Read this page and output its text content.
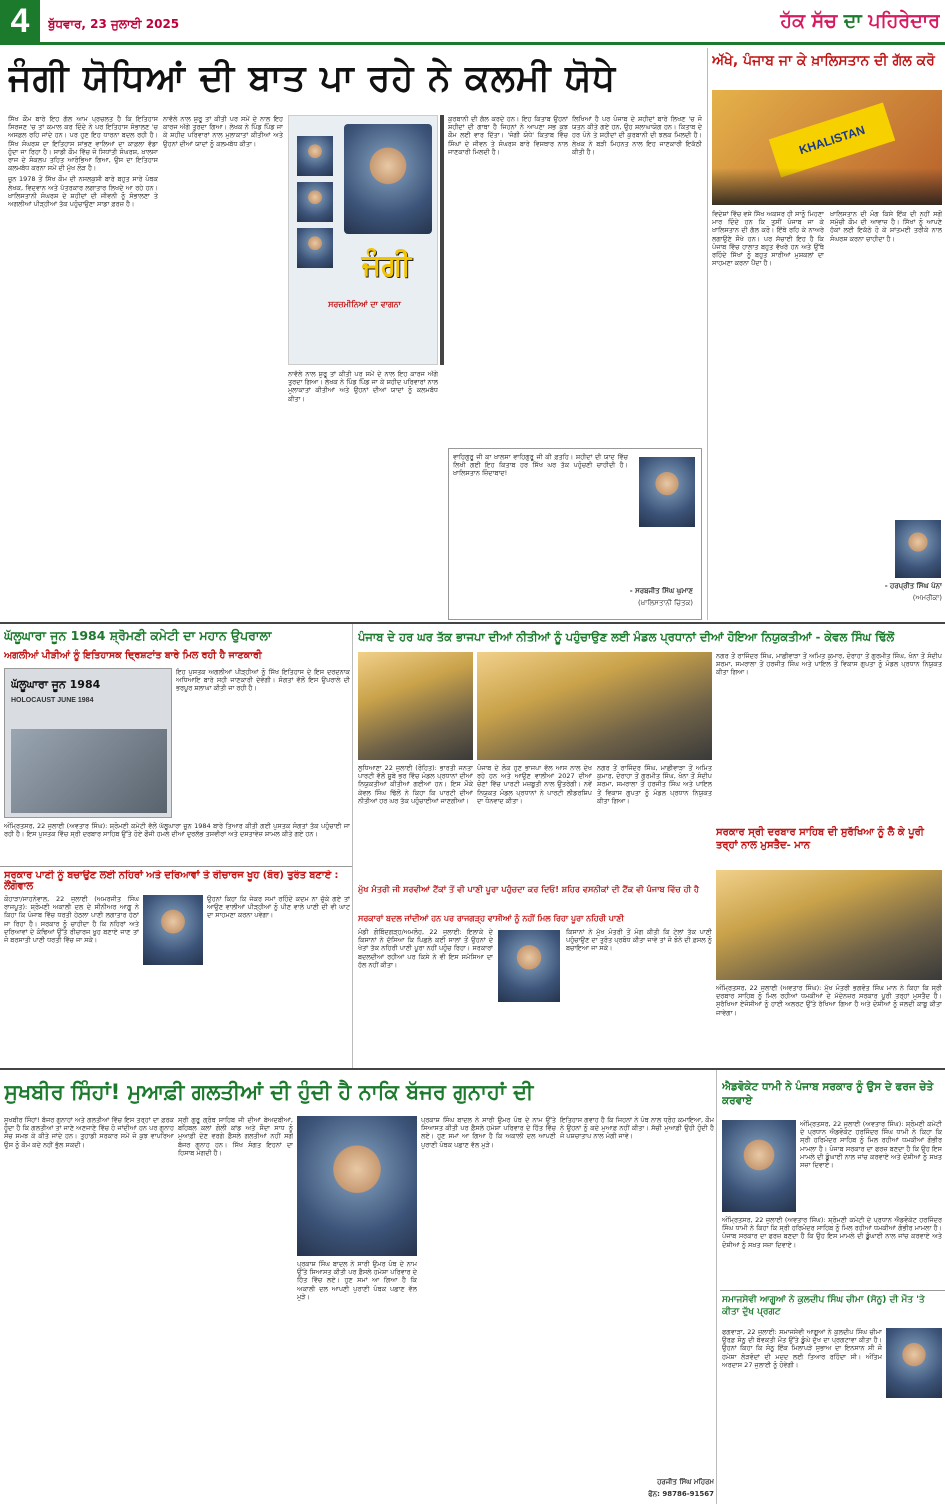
4	ਬੁੱਧਵਾਰ, 23 ਜੁਲਾਈ 2025	ਹੱਕ ਸੱਚ ਦਾ ਪਹਿਰੇਦਾਰ
ਜੰਗੀ ਯੋਧਿਆਂ ਦੀ ਬਾਤ ਪਾ ਰਹੇ ਨੇ ਕਲਮੀ ਯੋਧੇ

ਸਿੱਖ ਕੌਮ ਬਾਰੇ ਇਹ ਗੱਲ ਆਮ ਪ੍ਰਚਲਤ ਹੈ ਕਿ ਇਤਿਹਾਸ ਸਿਰਜਣ 'ਚ ਤਾਂ ਕਮਾਲ ਕਰ ਦਿੰਦੇ ਨੇ ਪਰ ਇਤਿਹਾਸ ਸੰਭਾਲਣ 'ਚ ਅਸਫ਼ਲ ਰਹਿ ਜਾਂਦੇ ਹਨ। ਪਰ ਹੁਣ ਇਹ ਧਾਰਨਾ ਬਦਲ ਰਹੀ ਹੈ। ਸਿੱਖ ਸੰਘਰਸ਼ ਦਾ ਇਤਿਹਾਸ ਸਾਂਭਣ ਵਾਲਿਆਂ ਦਾ ਕਾਫ਼ਲਾ ਵੱਡਾ ਹੁੰਦਾ ਜਾ ਰਿਹਾ ਹੈ। ਸਾਡੀ ਕੌਮ ਵਿੱਚ ਜੋ ਸਿਧਾਂਤੀ ਸੰਘਰਸ਼, ਖ਼ਾਲਸਾ ਰਾਜ ਦੇ ਸੰਕਲਪ ਤਹਿਤ ਆਰੰਭਿਆ ਗਿਆ, ਉਸ ਦਾ ਇਤਿਹਾਸ ਕਲਮਬੱਧ ਕਰਨਾ ਸਮੇਂ ਦੀ ਮੁੱਖ ਲੋੜ ਹੈ।

ਜੂਨ 1978 ਤੋਂ ਸਿੱਖ ਕੌਮ ਦੀ ਨਸਲਕੁਸ਼ੀ ਬਾਰੇ ਬਹੁਤ ਸਾਰੇ ਪੰਥਕ ਲੇਖਕ, ਵਿਦਵਾਨ ਅਤੇ ਪੱਤਰਕਾਰ ਲਗਾਤਾਰ ਲਿਖਦੇ ਆ ਰਹੇ ਹਨ। ਖ਼ਾਲਿਸਤਾਨੀ ਸੰਘਰਸ਼ ਦੇ ਸ਼ਹੀਦਾਂ ਦੀ ਜੀਵਨੀ ਨੂੰ ਸੰਭਾਲਣਾ ਤੇ ਅਗਲੀਆਂ ਪੀੜ੍ਹੀਆਂ ਤੱਕ ਪਹੁੰਚਾਉਣਾ ਸਾਡਾ ਫ਼ਰਜ਼ ਹੈ।

ਨਾਵੱਲੇ ਨਾਲ ਸ਼ੁਰੂ ਤਾਂ ਕੀਤੀ ਪਰ ਸਮੇਂ ਦੇ ਨਾਲ ਇਹ ਕਾਰਜ ਅੱਗੇ ਤੁਰਦਾ ਗਿਆ। ਲੇਖਕ ਨੇ ਪਿੰਡ ਪਿੰਡ ਜਾ ਕੇ ਸ਼ਹੀਦ ਪਰਿਵਾਰਾਂ ਨਾਲ ਮੁਲਾਕਾਤਾਂ ਕੀਤੀਆਂ ਅਤੇ ਉਹਨਾਂ ਦੀਆਂ ਯਾਦਾਂ ਨੂੰ ਕਲਮਬੱਧ ਕੀਤਾ।

ਜੰਗੀ
ਸਰਜ਼ਮੀਨਿਆਂ ਦਾ ਵਾਗਨਾ

ਨਾਵੱਲੇ ਨਾਲ ਸ਼ੁਰੂ ਤਾਂ ਕੀਤੀ ਪਰ ਸਮੇਂ ਦੇ ਨਾਲ ਇਹ ਕਾਰਜ ਅੱਗੇ ਤੁਰਦਾ ਗਿਆ। ਲੇਖਕ ਨੇ ਪਿੰਡ ਪਿੰਡ ਜਾ ਕੇ ਸ਼ਹੀਦ ਪਰਿਵਾਰਾਂ ਨਾਲ ਮੁਲਾਕਾਤਾਂ ਕੀਤੀਆਂ ਅਤੇ ਉਹਨਾਂ ਦੀਆਂ ਯਾਦਾਂ ਨੂੰ ਕਲਮਬੱਧ ਕੀਤਾ।

ਕੁਰਬਾਨੀ ਦੀ ਗੱਲ ਕਰਦੇ ਹਨ। ਇਹ ਕਿਤਾਬ ਉਹਨਾਂ ਸ਼ਹੀਦਾਂ ਦੀ ਗਾਥਾ ਹੈ ਜਿਹਨਾਂ ਨੇ ਆਪਣਾ ਸਭ ਕੁਝ ਕੌਮ ਲਈ ਵਾਰ ਦਿੱਤਾ। 'ਜੰਗੀ ਯੋਧੇ' ਕਿਤਾਬ ਵਿੱਚ ਸਿੰਘਾਂ ਦੇ ਜੀਵਨ ਤੇ ਸੰਘਰਸ਼ ਬਾਰੇ ਵਿਸਥਾਰ ਨਾਲ ਜਾਣਕਾਰੀ ਮਿਲਦੀ ਹੈ।

ਲਿਖਿਆਂ ਹੈ ਪਰ ਪੰਜਾਬ ਦੇ ਸ਼ਹੀਦਾਂ ਬਾਰੇ ਲਿਖਣ 'ਚ ਜੋ ਯਤਨ ਕੀਤੇ ਗਏ ਹਨ, ਉਹ ਸ਼ਲਾਘਾਯੋਗ ਹਨ। ਕਿਤਾਬ ਦੇ ਹਰ ਪੰਨੇ ਤੇ ਸ਼ਹੀਦਾਂ ਦੀ ਕੁਰਬਾਨੀ ਦੀ ਝਲਕ ਮਿਲਦੀ ਹੈ। ਲੇਖਕ ਨੇ ਬੜੀ ਮਿਹਨਤ ਨਾਲ ਇਹ ਜਾਣਕਾਰੀ ਇਕੱਠੀ ਕੀਤੀ ਹੈ।

ਵਾਹਿਗੁਰੂ ਜੀ ਕਾ ਖ਼ਾਲਸਾ ਵਾਹਿਗੁਰੂ ਜੀ ਕੀ ਫ਼ਤਹਿ। ਸ਼ਹੀਦਾਂ ਦੀ ਯਾਦ ਵਿੱਚ ਲਿਖੀ ਗਈ ਇਹ ਕਿਤਾਬ ਹਰ ਸਿੱਖ ਘਰ ਤੱਕ ਪਹੁੰਚਣੀ ਚਾਹੀਦੀ ਹੈ। ਖ਼ਾਲਿਸਤਾਨ ਜ਼ਿੰਦਾਬਾਦ!
- ਸਰਬਜੀਤ ਸਿੰਘ ਘੁਮਾਣ
(ਖ਼ਾਲਿਸਤਾਨੀ ਚਿੰਤਕ)
ਅੱਖੇ, ਪੰਜਾਬ ਜਾ ਕੇ ਖ਼ਾਲਿਸਤਾਨ ਦੀ ਗੱਲ ਕਰੋ
KHALISTAN

ਵਿਦੇਸ਼ਾਂ ਵਿੱਚ ਵਸੇ ਸਿੱਖ ਅਕਸਰ ਹੀ ਸਾਨੂੰ ਮਿਹਣਾ ਮਾਰ ਦਿੰਦੇ ਹਨ ਕਿ ਤੁਸੀਂ ਪੰਜਾਬ ਜਾ ਕੇ ਖ਼ਾਲਿਸਤਾਨ ਦੀ ਗੱਲ ਕਰੋ। ਇੱਥੇ ਰਹਿ ਕੇ ਨਾਅਰੇ ਲਗਾਉਣੇ ਸੌਖੇ ਹਨ। ਪਰ ਸੱਚਾਈ ਇਹ ਹੈ ਕਿ ਪੰਜਾਬ ਵਿੱਚ ਹਾਲਾਤ ਬਹੁਤ ਵੱਖਰੇ ਹਨ ਅਤੇ ਉੱਥੇ ਰਹਿੰਦੇ ਸਿੱਖਾਂ ਨੂੰ ਬਹੁਤ ਸਾਰੀਆਂ ਮੁਸ਼ਕਲਾਂ ਦਾ ਸਾਹਮਣਾ ਕਰਨਾ ਪੈਂਦਾ ਹੈ।

ਖ਼ਾਲਿਸਤਾਨ ਦੀ ਮੰਗ ਕਿਸੇ ਇੱਕ ਦੀ ਨਹੀਂ ਸਗੋਂ ਸਮੁੱਚੀ ਕੌਮ ਦੀ ਆਵਾਜ਼ ਹੈ। ਸਿੱਖਾਂ ਨੂੰ ਆਪਣੇ ਹੱਕਾਂ ਲਈ ਇਕੱਠੇ ਹੋ ਕੇ ਸ਼ਾਂਤਮਈ ਤਰੀਕੇ ਨਾਲ ਸੰਘਰਸ਼ ਕਰਨਾ ਚਾਹੀਦਾ ਹੈ।

- ਹਰਪ੍ਰੀਤ ਸਿੰਘ ਪੰਨਾ
(ਅਮਰੀਕਾ)
ਘੱਲੂਘਾਰਾ ਜੂਨ 1984 ਸ਼੍ਰੋਮਣੀ ਕਮੇਟੀ ਦਾ ਮਹਾਨ ਉਪਰਾਲਾ
ਅਗਲੀਆਂ ਪੀੜੀਆਂ ਨੂੰ ਇਤਿਹਾਸਕ ਦ੍ਰਿਸ਼ਟਾਂਤ ਬਾਰੇ ਮਿਲ ਰਹੀ ਹੈ ਜਾਣਕਾਰੀ
ਘੱਲੂਘਾਰਾ ਜੂਨ 1984
HOLOCAUST JUNE 1984

ਇਹ ਪੁਸਤਕ ਅਗਲੀਆਂ ਪੀੜ੍ਹੀਆਂ ਨੂੰ ਸਿੱਖ ਇਤਿਹਾਸ ਦੇ ਇਸ ਦਰਦਨਾਕ ਅਧਿਆਇ ਬਾਰੇ ਸਹੀ ਜਾਣਕਾਰੀ ਦੇਵੇਗੀ। ਸੰਗਤਾਂ ਵੱਲੋਂ ਇਸ ਉਪਰਾਲੇ ਦੀ ਭਰਪੂਰ ਸ਼ਲਾਘਾ ਕੀਤੀ ਜਾ ਰਹੀ ਹੈ।

ਅੰਮ੍ਰਿਤਸਰ, 22 ਜੁਲਾਈ (ਅਵਤਾਰ ਸਿੰਘ): ਸ਼੍ਰੋਮਣੀ ਕਮੇਟੀ ਵੱਲੋਂ ਘੱਲੂਘਾਰਾ ਜੂਨ 1984 ਬਾਰੇ ਤਿਆਰ ਕੀਤੀ ਗਈ ਪੁਸਤਕ ਸੰਗਤਾਂ ਤੱਕ ਪਹੁੰਚਾਈ ਜਾ ਰਹੀ ਹੈ। ਇਸ ਪੁਸਤਕ ਵਿੱਚ ਸ੍ਰੀ ਦਰਬਾਰ ਸਾਹਿਬ ਉੱਤੇ ਹੋਏ ਫੌਜੀ ਹਮਲੇ ਦੀਆਂ ਦੁਰਲੱਭ ਤਸਵੀਰਾਂ ਅਤੇ ਦਸਤਾਵੇਜ਼ ਸ਼ਾਮਲ ਕੀਤੇ ਗਏ ਹਨ।

ਸਰਕਾਰ ਪਾਣੀ ਨੂੰ ਬਚਾਉਣ ਲਈ ਨਹਿਰਾਂ ਅਤੇ ਦਰਿਆਵਾਂ ਤੇ ਰੀਚਾਰਜ ਖੂਹ (ਬੋਰ) ਤੁਰੰਤ ਬਣਾਏ : ਲੌਂਗੋਵਾਲ

ਕੋਹਾੜਾ/ਸਾਹਨੇਵਾਲ, 22 ਜੁਲਾਈ (ਅਮਰਜੀਤ ਸਿੰਘ ਰਾਜਪੂਤ): ਸ਼੍ਰੋਮਣੀ ਅਕਾਲੀ ਦਲ ਦੇ ਸੀਨੀਅਰ ਆਗੂ ਨੇ ਕਿਹਾ ਕਿ ਪੰਜਾਬ ਵਿੱਚ ਧਰਤੀ ਹੇਠਲਾ ਪਾਣੀ ਲਗਾਤਾਰ ਹੇਠਾਂ ਜਾ ਰਿਹਾ ਹੈ। ਸਰਕਾਰ ਨੂੰ ਚਾਹੀਦਾ ਹੈ ਕਿ ਨਹਿਰਾਂ ਅਤੇ ਦਰਿਆਵਾਂ ਦੇ ਕੰਢਿਆਂ ਉੱਤੇ ਰੀਚਾਰਜ ਖੂਹ ਬਣਾਏ ਜਾਣ ਤਾਂ ਜੋ ਬਰਸਾਤੀ ਪਾਣੀ ਧਰਤੀ ਵਿੱਚ ਜਾ ਸਕੇ।

ਉਹਨਾਂ ਕਿਹਾ ਕਿ ਜੇਕਰ ਸਮਾਂ ਰਹਿੰਦੇ ਕਦਮ ਨਾ ਚੁੱਕੇ ਗਏ ਤਾਂ ਆਉਣ ਵਾਲੀਆਂ ਪੀੜ੍ਹੀਆਂ ਨੂੰ ਪੀਣ ਵਾਲੇ ਪਾਣੀ ਦੀ ਵੀ ਘਾਟ ਦਾ ਸਾਹਮਣਾ ਕਰਨਾ ਪਵੇਗਾ।

ਪੰਜਾਬ ਦੇ ਹਰ ਘਰ ਤੱਕ ਭਾਜਪਾ ਦੀਆਂ ਨੀਤੀਆਂ ਨੂੰ ਪਹੁੰਚਾਉਣ ਲਈ ਮੰਡਲ ਪ੍ਰਧਾਨਾਂ ਦੀਆਂ ਹੋਇਆ ਨਿਯੁਕਤੀਆਂ - ਕੇਵਲ ਸਿੰਘ ਢਿੱਲੋਂ

ਲੁਧਿਆਣਾ 22 ਜੁਲਾਈ (ਰੋਹਿਤ): ਭਾਰਤੀ ਜਨਤਾ ਪਾਰਟੀ ਵੱਲੋਂ ਸੂਬੇ ਭਰ ਵਿੱਚ ਮੰਡਲ ਪ੍ਰਧਾਨਾਂ ਦੀਆਂ ਨਿਯੁਕਤੀਆਂ ਕੀਤੀਆਂ ਗਈਆਂ ਹਨ। ਇਸ ਮੌਕੇ ਕੇਵਲ ਸਿੰਘ ਢਿੱਲੋਂ ਨੇ ਕਿਹਾ ਕਿ ਪਾਰਟੀ ਦੀਆਂ ਨੀਤੀਆਂ ਹਰ ਘਰ ਤੱਕ ਪਹੁੰਚਾਈਆਂ ਜਾਣਗੀਆਂ।

ਪੰਜਾਬ ਦੇ ਲੋਕ ਹੁਣ ਭਾਜਪਾ ਵੱਲ ਆਸ ਨਾਲ ਦੇਖ ਰਹੇ ਹਨ ਅਤੇ ਆਉਣ ਵਾਲੀਆਂ 2027 ਦੀਆਂ ਚੋਣਾਂ ਵਿੱਚ ਪਾਰਟੀ ਮਜ਼ਬੂਤੀ ਨਾਲ ਉਤਰੇਗੀ। ਨਵੇਂ ਨਿਯੁਕਤ ਮੰਡਲ ਪ੍ਰਧਾਨਾਂ ਨੇ ਪਾਰਟੀ ਲੀਡਰਸ਼ਿਪ ਦਾ ਧੰਨਵਾਦ ਕੀਤਾ।

ਨਗਰ ਤੋਂ ਰਾਜਿੰਦਰ ਸਿੰਘ, ਮਾਛੀਵਾੜਾ ਤੋਂ ਅਮਿਤ ਕੁਮਾਰ, ਦੋਰਾਹਾ ਤੋਂ ਗੁਰਮੀਤ ਸਿੰਘ, ਖੰਨਾ ਤੋਂ ਸੰਦੀਪ ਸ਼ਰਮਾ, ਸਮਰਾਲਾ ਤੋਂ ਹਰਜੀਤ ਸਿੰਘ ਅਤੇ ਪਾਇਲ ਤੋਂ ਵਿਕਾਸ ਗੁਪਤਾ ਨੂੰ ਮੰਡਲ ਪ੍ਰਧਾਨ ਨਿਯੁਕਤ ਕੀਤਾ ਗਿਆ।

ਨਗਰ ਤੋਂ ਰਾਜਿੰਦਰ ਸਿੰਘ, ਮਾਛੀਵਾੜਾ ਤੋਂ ਅਮਿਤ ਕੁਮਾਰ, ਦੋਰਾਹਾ ਤੋਂ ਗੁਰਮੀਤ ਸਿੰਘ, ਖੰਨਾ ਤੋਂ ਸੰਦੀਪ ਸ਼ਰਮਾ, ਸਮਰਾਲਾ ਤੋਂ ਹਰਜੀਤ ਸਿੰਘ ਅਤੇ ਪਾਇਲ ਤੋਂ ਵਿਕਾਸ ਗੁਪਤਾ ਨੂੰ ਮੰਡਲ ਪ੍ਰਧਾਨ ਨਿਯੁਕਤ ਕੀਤਾ ਗਿਆ।

ਮੁੱਖ ਮੰਤਰੀ ਜੀ ਸਰਵੀਆਂ ਟੈਂਕਾਂ ਤੋਂ ਵੀ ਪਾਣੀ ਪੂਰਾ ਪਹੁੰਚਦਾ ਕਰ ਦਿਓ! ਸ਼ਹਿਰ ਵਸਨੀਕਾਂ ਦੀ ਟੈਂਕ ਵੀ ਪੰਜਾਬ ਵਿੱਚ ਹੀ ਹੈ
ਸਰਕਾਰਾਂ ਬਦਲ ਜਾਂਦੀਆਂ ਹਨ ਪਰ ਰਾਜਗੜ੍ਹ ਵਾਸੀਆਂ ਨੂੰ ਨਹੀਂ ਮਿਲ ਰਿਹਾ ਪੂਰਾ ਨਹਿਰੀ ਪਾਣੀ

ਮੰਡੀ ਗੋਬਿੰਦਗੜ੍ਹ/ਅਮਲੋਹ, 22 ਜੁਲਾਈ: ਇਲਾਕੇ ਦੇ ਕਿਸਾਨਾਂ ਨੇ ਦੱਸਿਆ ਕਿ ਪਿਛਲੇ ਕਈ ਸਾਲਾਂ ਤੋਂ ਉਹਨਾਂ ਦੇ ਖੇਤਾਂ ਤੱਕ ਨਹਿਰੀ ਪਾਣੀ ਪੂਰਾ ਨਹੀਂ ਪਹੁੰਚ ਰਿਹਾ। ਸਰਕਾਰਾਂ ਬਦਲਦੀਆਂ ਰਹੀਆਂ ਪਰ ਕਿਸੇ ਨੇ ਵੀ ਇਸ ਸਮੱਸਿਆ ਦਾ ਹੱਲ ਨਹੀਂ ਕੀਤਾ।

ਕਿਸਾਨਾਂ ਨੇ ਮੁੱਖ ਮੰਤਰੀ ਤੋਂ ਮੰਗ ਕੀਤੀ ਕਿ ਟੇਲਾਂ ਤੱਕ ਪਾਣੀ ਪਹੁੰਚਾਉਣ ਦਾ ਤੁਰੰਤ ਪ੍ਰਬੰਧ ਕੀਤਾ ਜਾਵੇ ਤਾਂ ਜੋ ਝੋਨੇ ਦੀ ਫ਼ਸਲ ਨੂੰ ਬਚਾਇਆ ਜਾ ਸਕੇ।

ਸਰਕਾਰ ਸ੍ਰੀ ਦਰਬਾਰ ਸਾਹਿਬ ਦੀ ਸੁਰੱਖਿਆ ਨੂੰ ਲੈ ਕੇ ਪੂਰੀ ਤਰ੍ਹਾਂ ਨਾਲ ਮੁਸਤੈਦ- ਮਾਨ

ਅੰਮ੍ਰਿਤਸਰ, 22 ਜੁਲਾਈ (ਅਵਤਾਰ ਸਿੰਘ): ਮੁੱਖ ਮੰਤਰੀ ਭਗਵੰਤ ਸਿੰਘ ਮਾਨ ਨੇ ਕਿਹਾ ਕਿ ਸ੍ਰੀ ਦਰਬਾਰ ਸਾਹਿਬ ਨੂੰ ਮਿਲ ਰਹੀਆਂ ਧਮਕੀਆਂ ਦੇ ਮੱਦੇਨਜ਼ਰ ਸਰਕਾਰ ਪੂਰੀ ਤਰ੍ਹਾਂ ਮੁਸਤੈਦ ਹੈ। ਸੁਰੱਖਿਆ ਏਜੰਸੀਆਂ ਨੂੰ ਹਾਈ ਅਲਰਟ ਉੱਤੇ ਰੱਖਿਆ ਗਿਆ ਹੈ ਅਤੇ ਦੋਸ਼ੀਆਂ ਨੂੰ ਜਲਦੀ ਕਾਬੂ ਕੀਤਾ ਜਾਵੇਗਾ।

ਸੁਖਬੀਰ ਸਿੰਹਾਂ! ਮੁਆਫ਼ੀ ਗਲਤੀਆਂ ਦੀ ਹੁੰਦੀ ਹੈ ਨਾਕਿ ਬੱਜਰ ਗੁਨਾਹਾਂ ਦੀ

ਸੁਖਬੀਰ ਸਿੰਹਾਂ! ਬੱਜਰ ਗੁਨਾਹਾਂ ਅਤੇ ਗਲਤੀਆਂ ਵਿੱਚ ਇਸ ਤਰ੍ਹਾਂ ਦਾ ਫ਼ਰਕ ਹੁੰਦਾ ਹੈ ਕਿ ਗਲਤੀਆਂ ਤਾਂ ਜਾਣੇ ਅਣਜਾਣੇ ਵਿੱਚ ਹੋ ਜਾਂਦੀਆਂ ਹਨ ਪਰ ਗੁਨਾਹ ਸੋਚ ਸਮਝ ਕੇ ਕੀਤੇ ਜਾਂਦੇ ਹਨ। ਤੁਹਾਡੀ ਸਰਕਾਰ ਸਮੇਂ ਜੋ ਕੁਝ ਵਾਪਰਿਆ ਉਸ ਨੂੰ ਕੌਮ ਕਦੇ ਨਹੀਂ ਭੁੱਲ ਸਕਦੀ।

ਸ੍ਰੀ ਗੁਰੂ ਗ੍ਰੰਥ ਸਾਹਿਬ ਜੀ ਦੀਆਂ ਬੇਅਦਬੀਆਂ, ਬਹਿਬਲ ਕਲਾਂ ਗੋਲੀ ਕਾਂਡ ਅਤੇ ਸੌਦਾ ਸਾਧ ਨੂੰ ਮੁਆਫ਼ੀ ਦੇਣ ਵਰਗੇ ਫ਼ੈਸਲੇ ਗਲਤੀਆਂ ਨਹੀਂ ਸਗੋਂ ਬੱਜਰ ਗੁਨਾਹ ਹਨ। ਸਿੱਖ ਸੰਗਤ ਇਹਨਾਂ ਦਾ ਹਿਸਾਬ ਮੰਗਦੀ ਹੈ।

ਪ੍ਰਕਾਸ਼ ਸਿੰਘ ਬਾਦਲ ਨੇ ਸਾਰੀ ਉਮਰ ਪੰਥ ਦੇ ਨਾਮ ਉੱਤੇ ਸਿਆਸਤ ਕੀਤੀ ਪਰ ਫ਼ੈਸਲੇ ਹਮੇਸ਼ਾ ਪਰਿਵਾਰ ਦੇ ਹਿੱਤ ਵਿੱਚ ਲਏ। ਹੁਣ ਸਮਾਂ ਆ ਗਿਆ ਹੈ ਕਿ ਅਕਾਲੀ ਦਲ ਆਪਣੀ ਪੁਰਾਣੀ ਪੰਥਕ ਪਛਾਣ ਵੱਲ ਮੁੜੇ।

ਪ੍ਰਕਾਸ਼ ਸਿੰਘ ਬਾਦਲ ਨੇ ਸਾਰੀ ਉਮਰ ਪੰਥ ਦੇ ਨਾਮ ਉੱਤੇ ਸਿਆਸਤ ਕੀਤੀ ਪਰ ਫ਼ੈਸਲੇ ਹਮੇਸ਼ਾ ਪਰਿਵਾਰ ਦੇ ਹਿੱਤ ਵਿੱਚ ਲਏ। ਹੁਣ ਸਮਾਂ ਆ ਗਿਆ ਹੈ ਕਿ ਅਕਾਲੀ ਦਲ ਆਪਣੀ ਪੁਰਾਣੀ ਪੰਥਕ ਪਛਾਣ ਵੱਲ ਮੁੜੇ।

ਇਤਿਹਾਸ ਗਵਾਹ ਹੈ ਕਿ ਜਿਹਨਾਂ ਨੇ ਪੰਥ ਨਾਲ ਧ੍ਰੋਹ ਕਮਾਇਆ, ਕੌਮ ਨੇ ਉਹਨਾਂ ਨੂੰ ਕਦੇ ਮੁਆਫ਼ ਨਹੀਂ ਕੀਤਾ। ਸੱਚੀ ਮੁਆਫ਼ੀ ਉਹੀ ਹੁੰਦੀ ਹੈ ਜੋ ਪਸ਼ਚਾਤਾਪ ਨਾਲ ਮੰਗੀ ਜਾਵੇ।

ਹਰਜੀਤ ਸਿੰਘ ਮਹਿਰਮ
ਫੋਨ: 98786-91567
ਐਡਵੋਕੇਟ ਧਾਮੀ ਨੇ ਪੰਜਾਬ ਸਰਕਾਰ ਨੂੰ ਉਸ ਦੇ ਫਰਜ ਚੇਤੇ ਕਰਵਾਏ

ਅੰਮ੍ਰਿਤਸਰ, 22 ਜੁਲਾਈ (ਅਵਤਾਰ ਸਿੰਘ): ਸ਼੍ਰੋਮਣੀ ਕਮੇਟੀ ਦੇ ਪ੍ਰਧਾਨ ਐਡਵੋਕੇਟ ਹਰਜਿੰਦਰ ਸਿੰਘ ਧਾਮੀ ਨੇ ਕਿਹਾ ਕਿ ਸ੍ਰੀ ਹਰਿਮੰਦਰ ਸਾਹਿਬ ਨੂੰ ਮਿਲ ਰਹੀਆਂ ਧਮਕੀਆਂ ਗੰਭੀਰ ਮਾਮਲਾ ਹੈ। ਪੰਜਾਬ ਸਰਕਾਰ ਦਾ ਫਰਜ਼ ਬਣਦਾ ਹੈ ਕਿ ਉਹ ਇਸ ਮਾਮਲੇ ਦੀ ਡੂੰਘਾਈ ਨਾਲ ਜਾਂਚ ਕਰਵਾਏ ਅਤੇ ਦੋਸ਼ੀਆਂ ਨੂੰ ਸਖ਼ਤ ਸਜ਼ਾ ਦਿਵਾਏ।

ਅੰਮ੍ਰਿਤਸਰ, 22 ਜੁਲਾਈ (ਅਵਤਾਰ ਸਿੰਘ): ਸ਼੍ਰੋਮਣੀ ਕਮੇਟੀ ਦੇ ਪ੍ਰਧਾਨ ਐਡਵੋਕੇਟ ਹਰਜਿੰਦਰ ਸਿੰਘ ਧਾਮੀ ਨੇ ਕਿਹਾ ਕਿ ਸ੍ਰੀ ਹਰਿਮੰਦਰ ਸਾਹਿਬ ਨੂੰ ਮਿਲ ਰਹੀਆਂ ਧਮਕੀਆਂ ਗੰਭੀਰ ਮਾਮਲਾ ਹੈ। ਪੰਜਾਬ ਸਰਕਾਰ ਦਾ ਫਰਜ਼ ਬਣਦਾ ਹੈ ਕਿ ਉਹ ਇਸ ਮਾਮਲੇ ਦੀ ਡੂੰਘਾਈ ਨਾਲ ਜਾਂਚ ਕਰਵਾਏ ਅਤੇ ਦੋਸ਼ੀਆਂ ਨੂੰ ਸਖ਼ਤ ਸਜ਼ਾ ਦਿਵਾਏ।

ਸਮਾਜਸੇਵੀ ਆਗੂਆਂ ਨੇ ਕੁਲਦੀਪ ਸਿੰਘ ਚੀਮਾ (ਸੋਨੂ) ਦੀ ਮੌਤ 'ਤੇ ਕੀਤਾ ਦੁੱਖ ਪ੍ਰਗਟ

ਫਗਵਾੜਾ, 22 ਜੁਲਾਈ: ਸਮਾਜਸੇਵੀ ਆਗੂਆਂ ਨੇ ਕੁਲਦੀਪ ਸਿੰਘ ਚੀਮਾ ਉਰਫ਼ ਸੋਨੂ ਦੀ ਬੇਵਕਤੀ ਮੌਤ ਉੱਤੇ ਡੂੰਘੇ ਦੁੱਖ ਦਾ ਪ੍ਰਗਟਾਵਾ ਕੀਤਾ ਹੈ। ਉਹਨਾਂ ਕਿਹਾ ਕਿ ਸੋਨੂ ਇੱਕ ਮਿਲਾਪੜੇ ਸੁਭਾਅ ਦਾ ਇਨਸਾਨ ਸੀ ਜੋ ਹਮੇਸ਼ਾ ਲੋੜਵੰਦਾਂ ਦੀ ਮਦਦ ਲਈ ਤਿਆਰ ਰਹਿੰਦਾ ਸੀ। ਅੰਤਿਮ ਅਰਦਾਸ 27 ਜੁਲਾਈ ਨੂੰ ਹੋਵੇਗੀ।
